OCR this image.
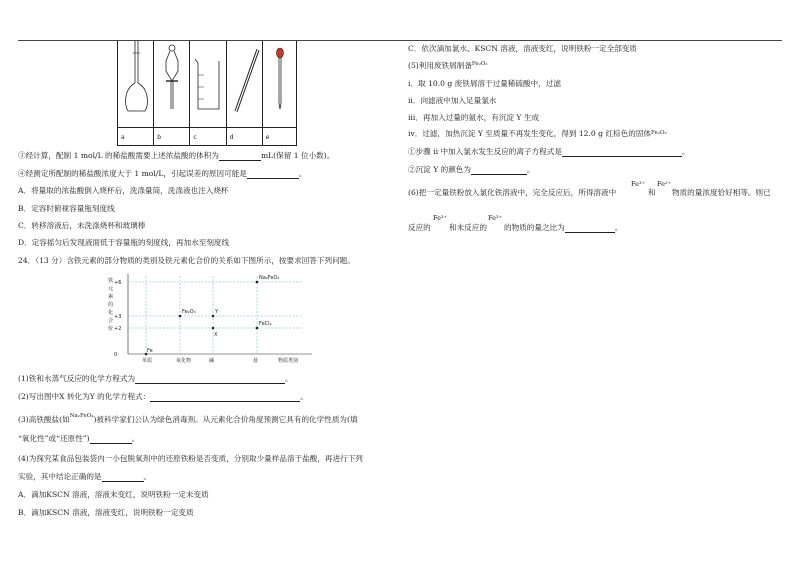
a	b	c	d	e
③经计算，配制 1 mol/L 的稀盐酸需要上述浓盐酸的体积为	mL(保留 1 位小数)。
④经测定所配制的稀盐酸浓度大于 1 mol/L，引起误差的原因可能是	。
A．将量取的浓盐酸倒入烧杯后，洗涤量筒，洗涤液也注入烧杯
B．定容时俯视容量瓶刻度线
C．转移溶液后，未洗涤烧杯和玻璃棒
D．定容摇匀后发现液面低于容量瓶的刻度线，再加水至刻度线
24．（13 分）含铁元素的部分物质的类别及铁元素化合价的关系如下图所示，按要求回答下列问题。
铁
元
素
的
化
合
价
+6
+3
+2
0
单质	氧化物	碱	盐	物质类别
Fe
Fe₂O₃	Y
X
FeCl₂
Na₂FeO₄
(1)铁和水蒸气反应的化学方程式为	。
(2)写出图中X 转化为Y 的化学方程式：	。
(3)高铁酸盐(如$^{Na_2FeO_4}$)被科学家们公认为绿色消毒剂。从元素化合价角度预测它具有的化学性质为(填
“氧化性”或“还原性”)	。
(4)为探究某食品包装袋内一小包脱氧剂中的还原铁粉是否变质，分别取少量样品溶于盐酸，再进行下列
实验，其中结论正确的是	。
A．滴加KSCN 溶液，溶液未变红，说明铁粉一定未变质
B．滴加KSCN 溶液，溶液变红，说明铁粉一定变质
C．依次滴加氯水、KSCN 溶液，溶液变红，说明铁粉一定全部变质
(5)利用废铁屑制备$^{Fe_2O_3}$
ⅰ．取 10.0 g 废铁屑溶于过量稀硫酸中，过滤
ⅱ．向滤液中加入足量氯水
ⅲ．再加入过量的氨水，有沉淀 Y 生成
ⅳ．过滤，加热沉淀 Y 至质量不再发生变化，得到 12.0 g 红棕色的固体$^{Fe_2O_3}$
①步骤 ⅱ 中加入氯水发生反应的离子方程式是	。
②沉淀 Y 的颜色为	。
(6)把一定量铁粉放入氯化铁溶液中，完全反应后，所得溶液中
Fe³⁺
和
Fe²⁺
物质的量浓度恰好相等。则已
反应的
Fe³⁺
和未反应的
Fe³⁺
的物质的量之比为	。
